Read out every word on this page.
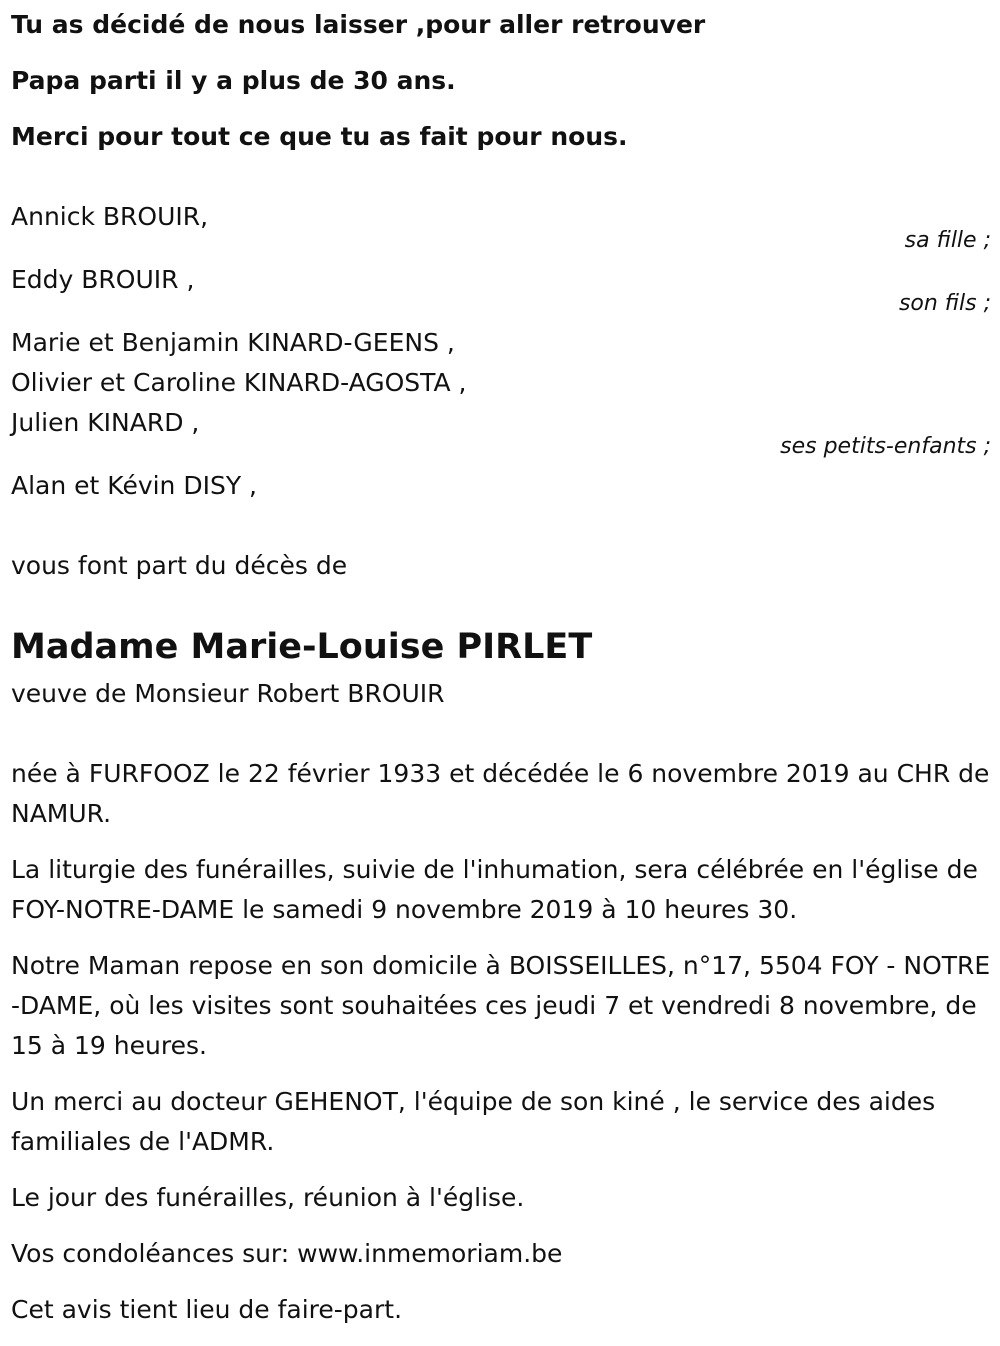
Tu as décidé de nous laisser ,pour aller retrouver
Papa parti il y a plus de 30 ans.
Merci pour tout ce que tu as fait pour nous.
Annick BROUIR,
sa fille ;
Eddy BROUIR ,
son fils ;
Marie et Benjamin KINARD-GEENS ,
Olivier et Caroline KINARD-AGOSTA ,
Julien KINARD ,
ses petits-enfants ;
Alan et Kévin DISY ,
vous font part du décès de
Madame Marie-Louise PIRLET
veuve de Monsieur Robert BROUIR
née à FURFOOZ le 22 février 1933 et décédée le 6 novembre 2019 au CHR de NAMUR.
La liturgie des funérailles, suivie de l'inhumation, sera célébrée en l'église de FOY-NOTRE-DAME le samedi 9 novembre 2019 à 10 heures 30.
Notre Maman repose en son domicile à BOISSEILLES, n°17, 5504 FOY - NOTRE -DAME, où les visites sont souhaitées ces jeudi 7 et vendredi 8 novembre, de 15 à 19 heures.
Un merci au docteur GEHENOT, l'équipe de son kiné , le service des aides familiales de l'ADMR.
Le jour des funérailles, réunion à l'église.
Vos condoléances sur: www.inmemoriam.be
Cet avis tient lieu de faire-part.
